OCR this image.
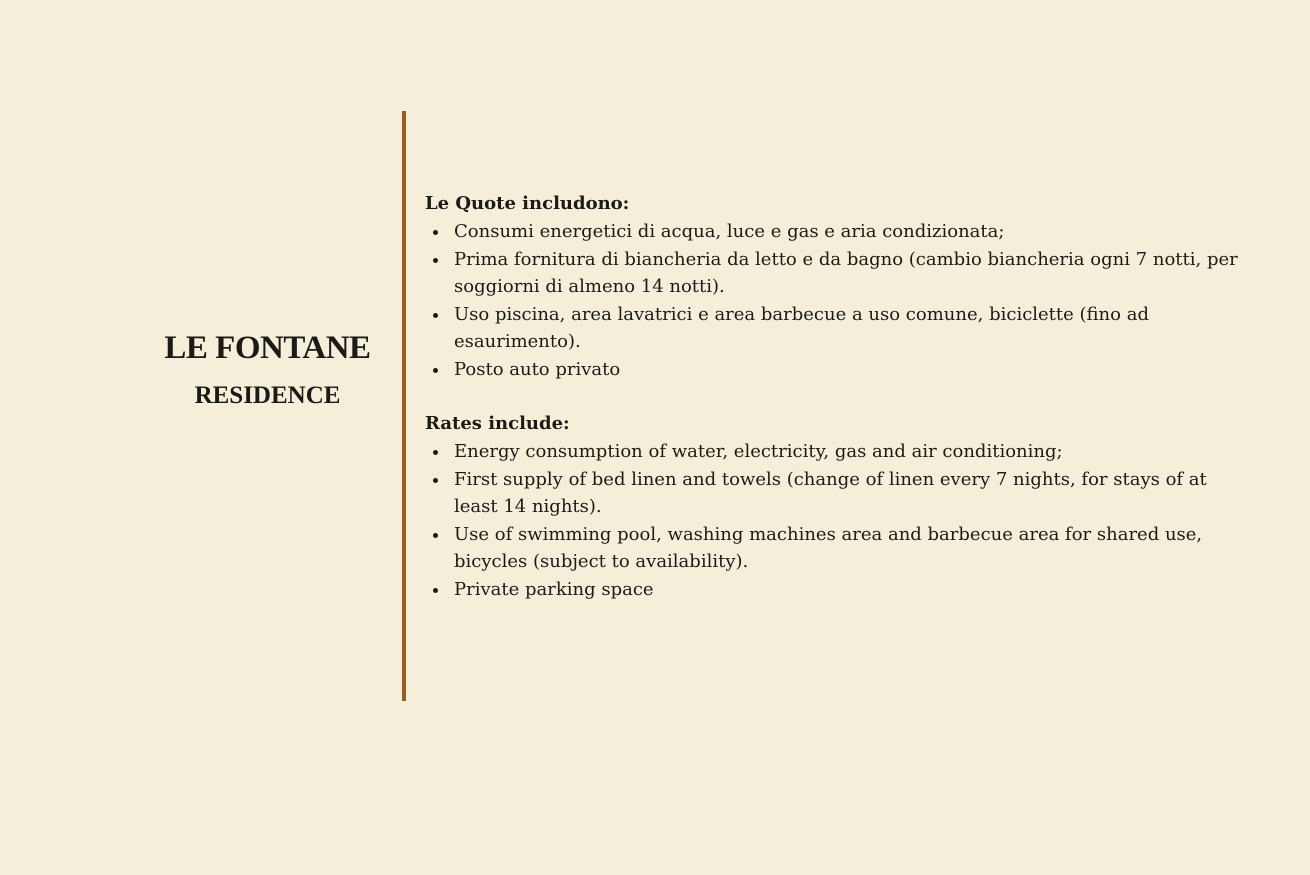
LE FONTANE
RESIDENCE

Le Quote includono:

Consumi energetici di acqua, luce e gas e aria condizionata;
Prima fornitura di biancheria da letto e da bagno (cambio biancheria ogni 7 notti, per soggiorni di almeno 14 notti).
Uso piscina, area lavatrici e area barbecue a uso comune, biciclette (fino ad esaurimento).
Posto auto privato

Rates include:

Energy consumption of water, electricity, gas and air conditioning;
First supply of bed linen and towels (change of linen every 7 nights, for stays of at least 14 nights).
Use of swimming pool, washing machines area and barbecue area for shared use, bicycles (subject to availability).
Private parking space
